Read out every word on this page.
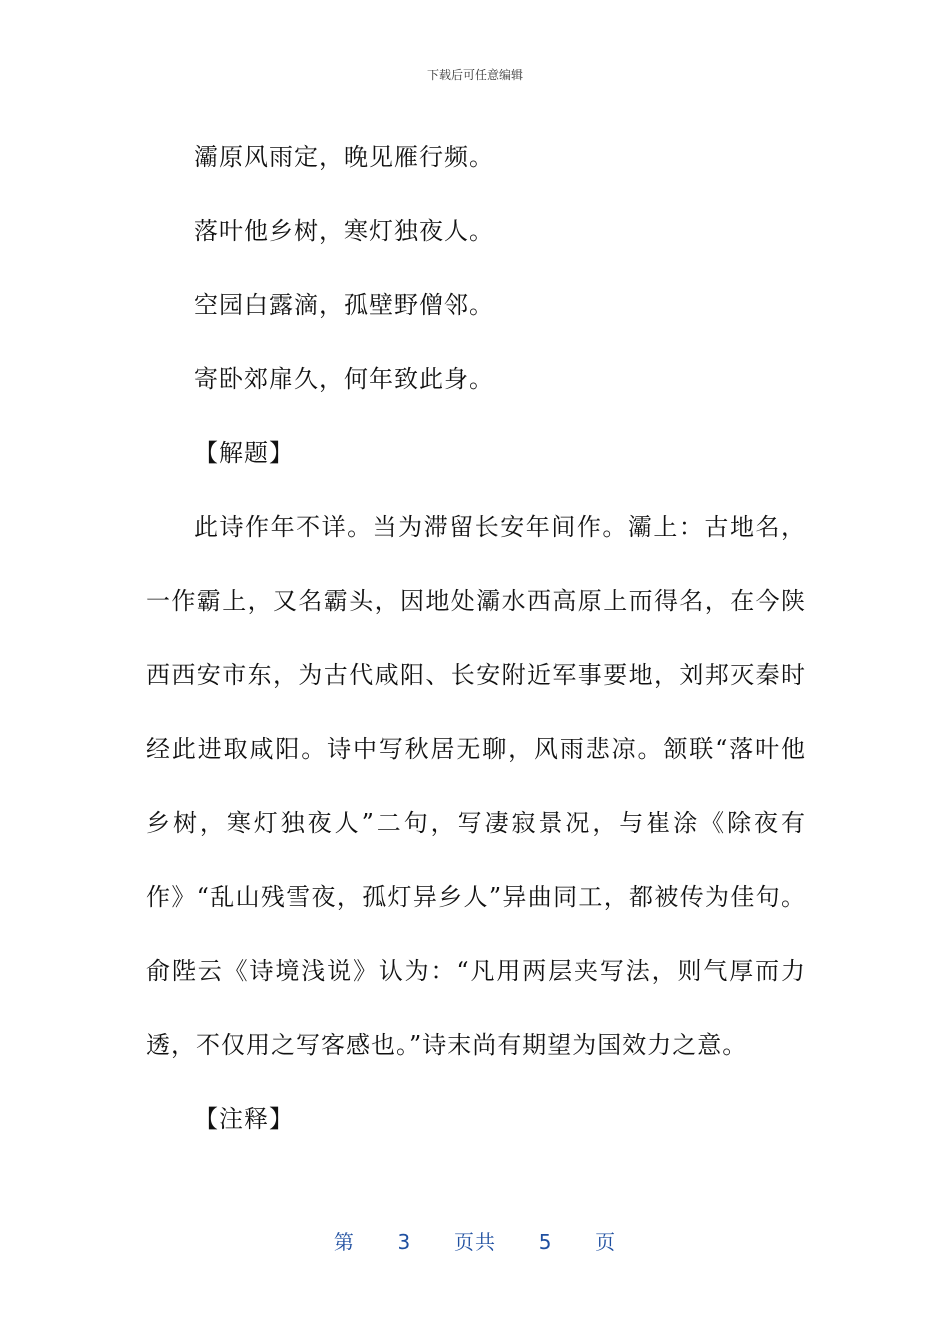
下载后可任意编辑

灞原风雨定，晚见雁行频。

落叶他乡树，寒灯独夜人。

空园白露滴，孤壁野僧邻。

寄卧郊扉久，何年致此身。

【解题】

此诗作年不详。当为滞留长安年间作。灞上：古地名，一作霸上，又名霸头，因地处灞水西高原上而得名，在今陕西西安市东，为古代咸阳、长安附近军事要地，刘邦灭秦时经此进取咸阳。诗中写秋居无聊，风雨悲凉。颔联“落叶他乡树，寒灯独夜人”二句，写凄寂景况，与崔涂《除夜有作》“乱山残雪夜，孤灯异乡人”异曲同工，都被传为佳句。俞陛云《诗境浅说》认为：“凡用两层夹写法，则气厚而力透，不仅用之写客感也。”诗末尚有期望为国效力之意。

【注释】

第 3 页共 5 页
